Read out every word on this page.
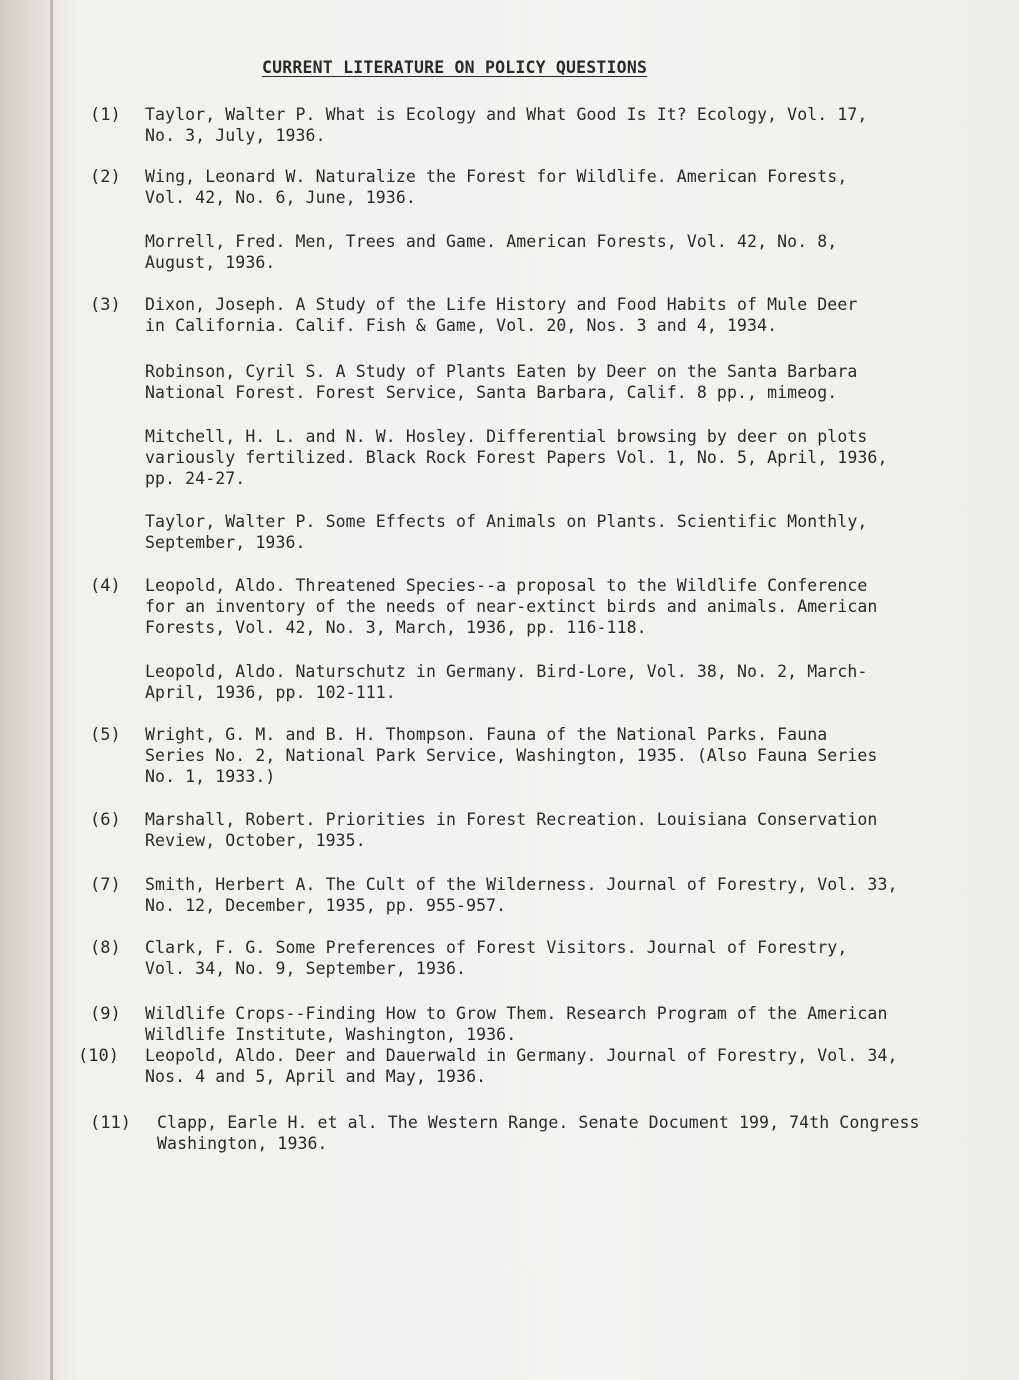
CURRENT LITERATURE ON POLICY QUESTIONS
(1) Taylor, Walter P. What is Ecology and What Good Is It? Ecology, Vol. 17,
No. 3, July, 1936.
(2) Wing, Leonard W. Naturalize the Forest for Wildlife. American Forests,
Vol. 42, No. 6, June, 1936.
Morrell, Fred. Men, Trees and Game. American Forests, Vol. 42, No. 8,
August, 1936.
(3) Dixon, Joseph. A Study of the Life History and Food Habits of Mule Deer
in California. Calif. Fish & Game, Vol. 20, Nos. 3 and 4, 1934.
Robinson, Cyril S. A Study of Plants Eaten by Deer on the Santa Barbara
National Forest. Forest Service, Santa Barbara, Calif. 8 pp., mimeog.
Mitchell, H. L. and N. W. Hosley. Differential browsing by deer on plots
variously fertilized. Black Rock Forest Papers Vol. 1, No. 5, April, 1936,
pp. 24-27.
Taylor, Walter P. Some Effects of Animals on Plants. Scientific Monthly,
September, 1936.
(4) Leopold, Aldo. Threatened Species--a proposal to the Wildlife Conference
for an inventory of the needs of near-extinct birds and animals. American
Forests, Vol. 42, No. 3, March, 1936, pp. 116-118.
Leopold, Aldo. Naturschutz in Germany. Bird-Lore, Vol. 38, No. 2, March-
April, 1936, pp. 102-111.
(5) Wright, G. M. and B. H. Thompson. Fauna of the National Parks. Fauna
Series No. 2, National Park Service, Washington, 1935. (Also Fauna Series
No. 1, 1933.)
(6) Marshall, Robert. Priorities in Forest Recreation. Louisiana Conservation
Review, October, 1935.
(7) Smith, Herbert A. The Cult of the Wilderness. Journal of Forestry, Vol. 33,
No. 12, December, 1935, pp. 955-957.
(8) Clark, F. G. Some Preferences of Forest Visitors. Journal of Forestry,
Vol. 34, No. 9, September, 1936.
(9) Wildlife Crops--Finding How to Grow Them. Research Program of the American
Wildlife Institute, Washington, 1936.
(10) Leopold, Aldo. Deer and Dauerwald in Germany. Journal of Forestry, Vol. 34,
Nos. 4 and 5, April and May, 1936.
(11) Clapp, Earle H. et al. The Western Range. Senate Document 199, 74th Congress
Washington, 1936.
